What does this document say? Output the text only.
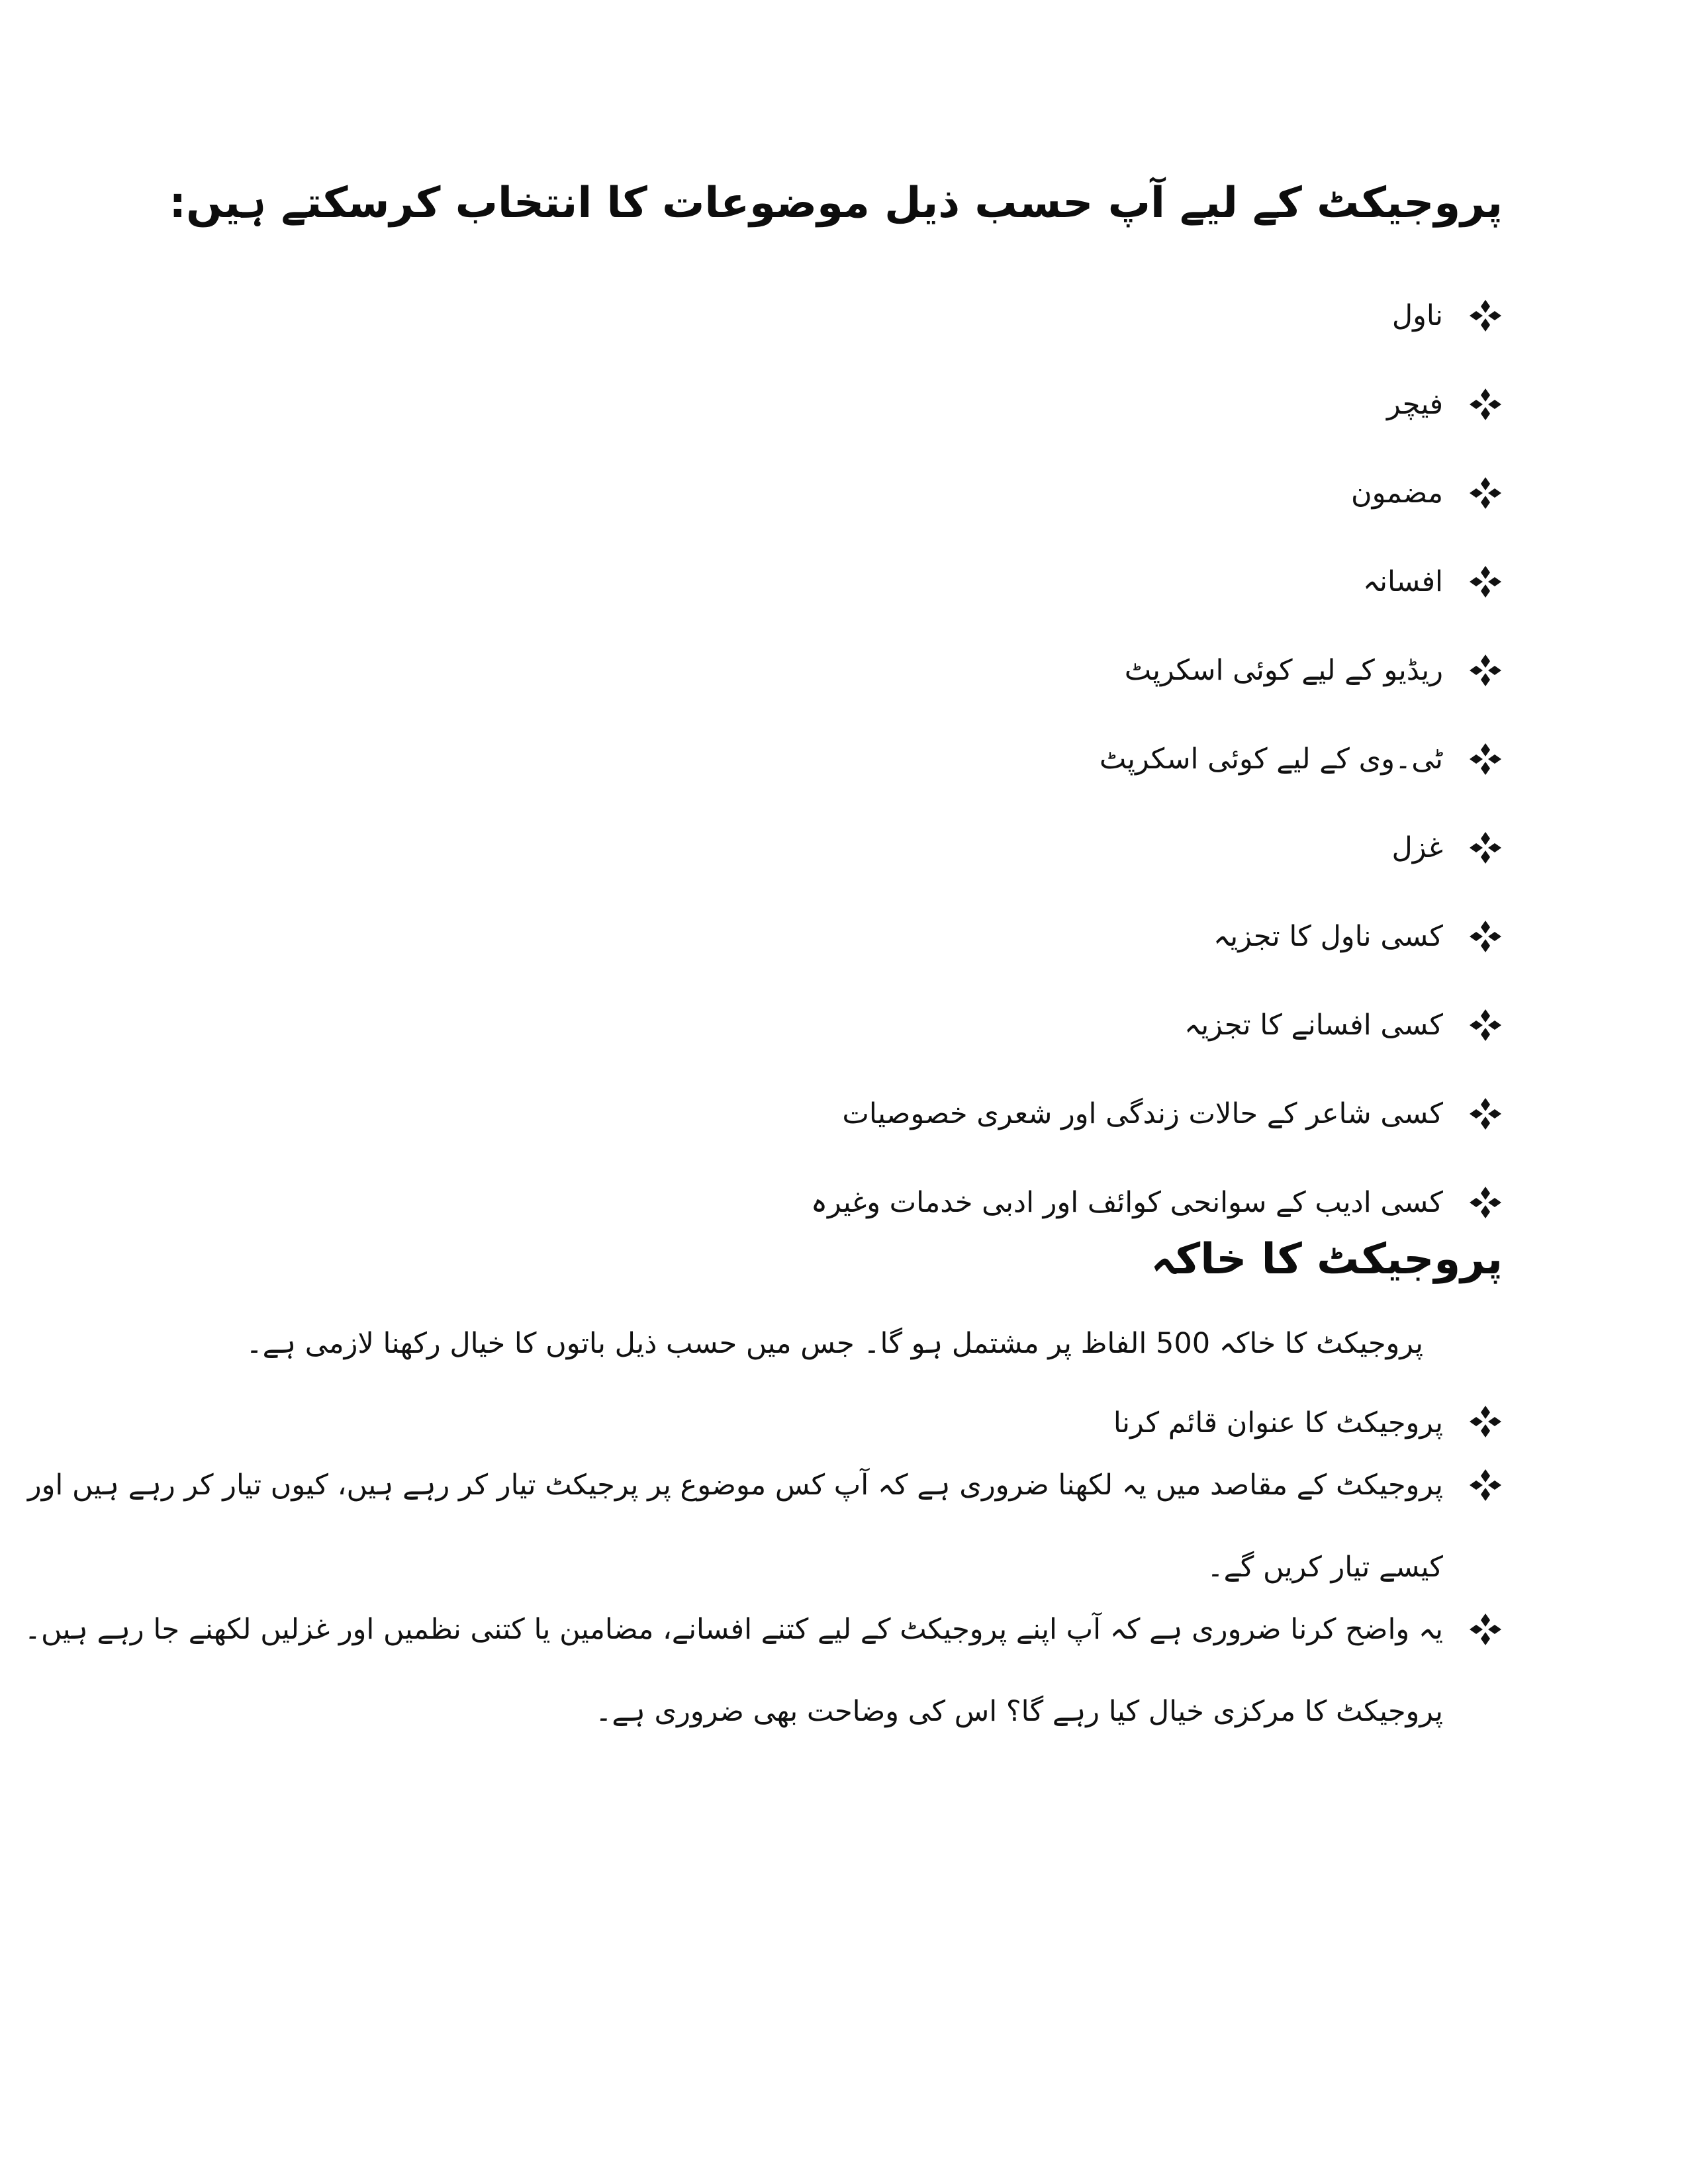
پروجیکٹ کے لیے آپ حسب ذیل موضوعات کا انتخاب کرسکتے ہیں:
ناول
فیچر
مضمون
افسانہ
ریڈیو کے لیے کوئی اسکرپٹ
ٹی۔وی کے لیے کوئی اسکرپٹ
غزل
کسی ناول کا تجزیہ
کسی افسانے کا تجزیہ
کسی شاعر کے حالات زندگی اور شعری خصوصیات
کسی ادیب کے سوانحی کوائف اور ادبی خدمات وغیرہ
پروجیکٹ کا خاکہ
پروجیکٹ کا خاکہ 500 الفاظ پر مشتمل ہو گا۔ جس میں حسب ذیل باتوں کا خیال رکھنا لازمی ہے۔
پروجیکٹ کا عنوان قائم کرنا
پروجیکٹ کے مقاصد میں یہ لکھنا ضروری ہے کہ آپ کس موضوع پر پرجیکٹ تیار کر رہے ہیں، کیوں تیار کر رہے ہیں اور کیسے تیار کریں گے۔
یہ واضح کرنا ضروری ہے کہ آپ اپنے پروجیکٹ کے لیے کتنے افسانے، مضامین یا کتنی نظمیں اور غزلیں لکھنے جا رہے ہیں۔ پروجیکٹ کا مرکزی خیال کیا رہے گا؟ اس کی وضاحت بھی ضروری ہے۔
